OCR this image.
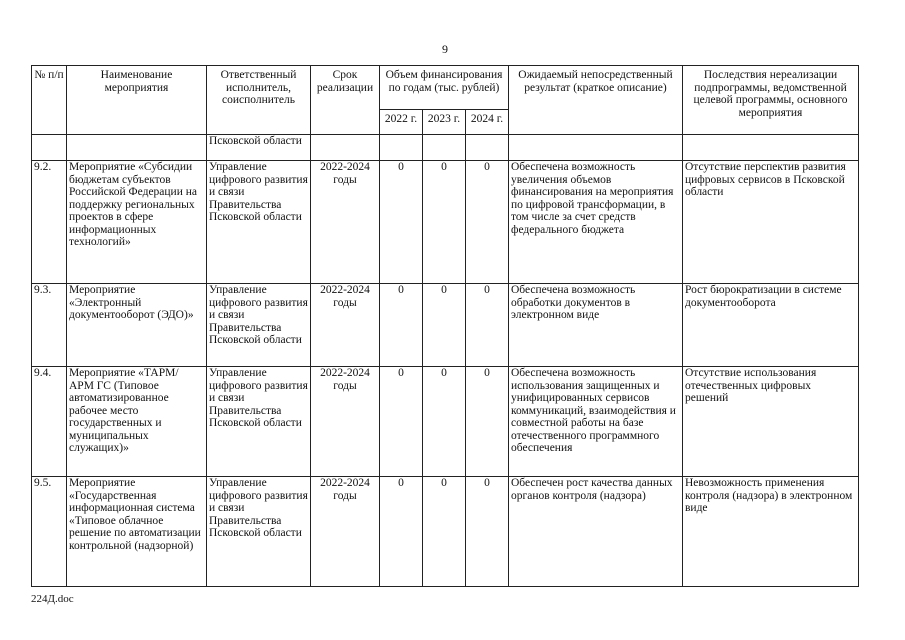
9
№ п/п	Наименование мероприятия	Ответственный исполнитель, соисполнитель	Срок реализации	Объем финансирования по годам (тыс. рублей)			Ожидаемый непосредственный результат (краткое описание)	Последствия нереализации подпрограммы, ведомственной целевой программы, основного мероприятия
				2022 г.	2023 г.	2024 г.		
		Псковской области						
9.2.	Мероприятие «Субсидии бюджетам субъектов Российской Федерации на поддержку региональных проектов в сфере информационных технологий»	Управление цифрового развития и связи Правительства Псковской области	2022-2024 годы	0	0	0	Обеспечена возможность увеличения объемов финансирования на мероприятия по цифровой трансформации, в том числе за счет средств федерального бюджета	Отсутствие перспектив развития цифровых сервисов в Псковской области
9.3.	Мероприятие «Электронный документооборот (ЭДО)»	Управление цифрового развития и связи Правительства Псковской области	2022-2024 годы	0	0	0	Обеспечена возможность обработки документов в электронном виде	Рост бюрократизации в системе документооборота
9.4.	Мероприятие «ТАРМ/ АРМ ГС (Типовое автоматизированное рабочее место государственных и муниципальных служащих)»	Управление цифрового развития и связи Правительства Псковской области	2022-2024 годы	0	0	0	Обеспечена возможность использования защищенных и унифицированных сервисов коммуникаций, взаимодействия и совместной работы на базе отечественного программного обеспечения	Отсутствие использования отечественных цифровых решений
9.5.	Мероприятие «Государственная информационная система «Типовое облачное решение по автоматизации контрольной (надзорной)	Управление цифрового развития и связи Правительства Псковской области	2022-2024 годы	0	0	0	Обеспечен рост качества данных органов контроля (надзора)	Невозможность применения контроля (надзора) в электронном виде
224Д.doc
